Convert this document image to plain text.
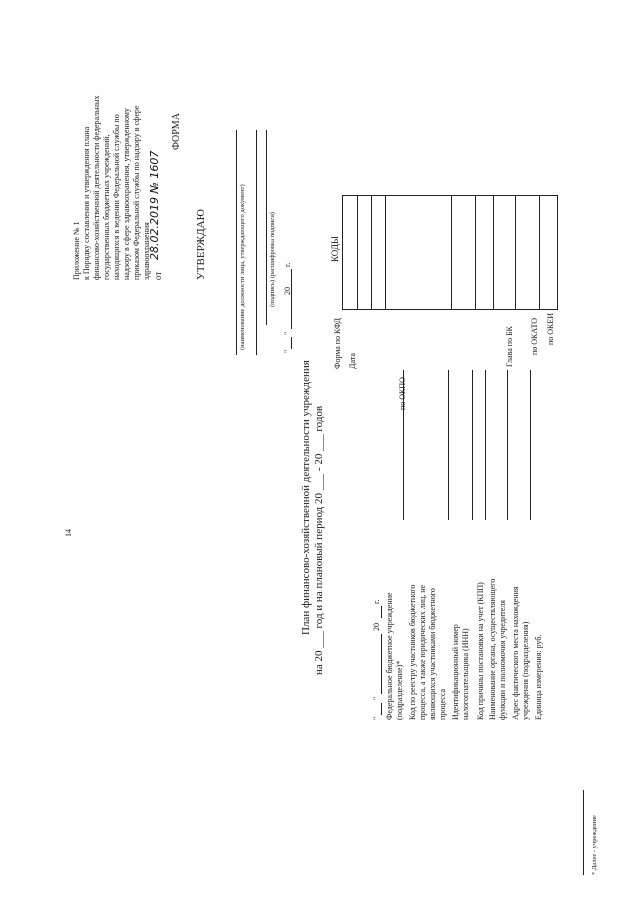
14
Приложение № 1 к Порядку составления и утверждения плана финансово-хозяйственной деятельности федеральных государственных бюджетных учреждений, находящихся в ведении Федеральной службы по надзору в сфере здравоохранения, утвержденному приказом Федеральной службы по надзору в сфере здравоохранения от
28.02.2019 № 1607
ФОРМА
УТВЕРЖДАЮ	(наименование должности лица, утверждающего документ)	(подпись) (расшифровка подписи)
"
"
20
г.
План финансово-хозяйственной деятельности учреждения на 20 ___ год и на плановый период 20 ___ - 20 ___ годов
"
"
20
г. Федеральное бюджетное учреждение (подразделение)* Код по реестру участников бюджетного процесса, а также юридических лиц, не являющихся участниками бюджетного процесса Идентификационный номер налогоплательщика (ИНН) Код причины постановки на учет (КПП) Наименование органа, осуществляющего функции и полномочия учредителя Адрес фактического места нахождения учреждения (подразделения) Единица измерения: руб.
Форма по КФД Дата
по ОКПО
Глава по БК по ОКАТО по ОКЕИ
КОДЫ
* Далее - учреждение
